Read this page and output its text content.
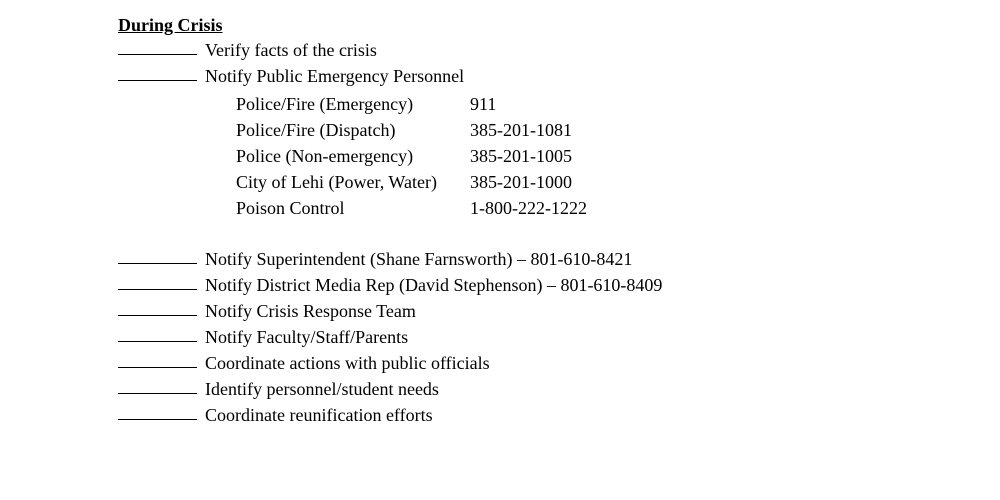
During Crisis
Verify facts of the crisis
Notify Public Emergency Personnel
Police/Fire (Emergency)	911
Police/Fire (Dispatch)	385-201-1081
Police (Non-emergency)	385-201-1005
City of Lehi (Power, Water) 385-201-1000
Poison Control	1-800-222-1222
Notify Superintendent (Shane Farnsworth) – 801-610-8421
Notify District Media Rep (David Stephenson) – 801-610-8409
Notify Crisis Response Team
Notify Faculty/Staff/Parents
Coordinate actions with public officials
Identify personnel/student needs
Coordinate reunification efforts
